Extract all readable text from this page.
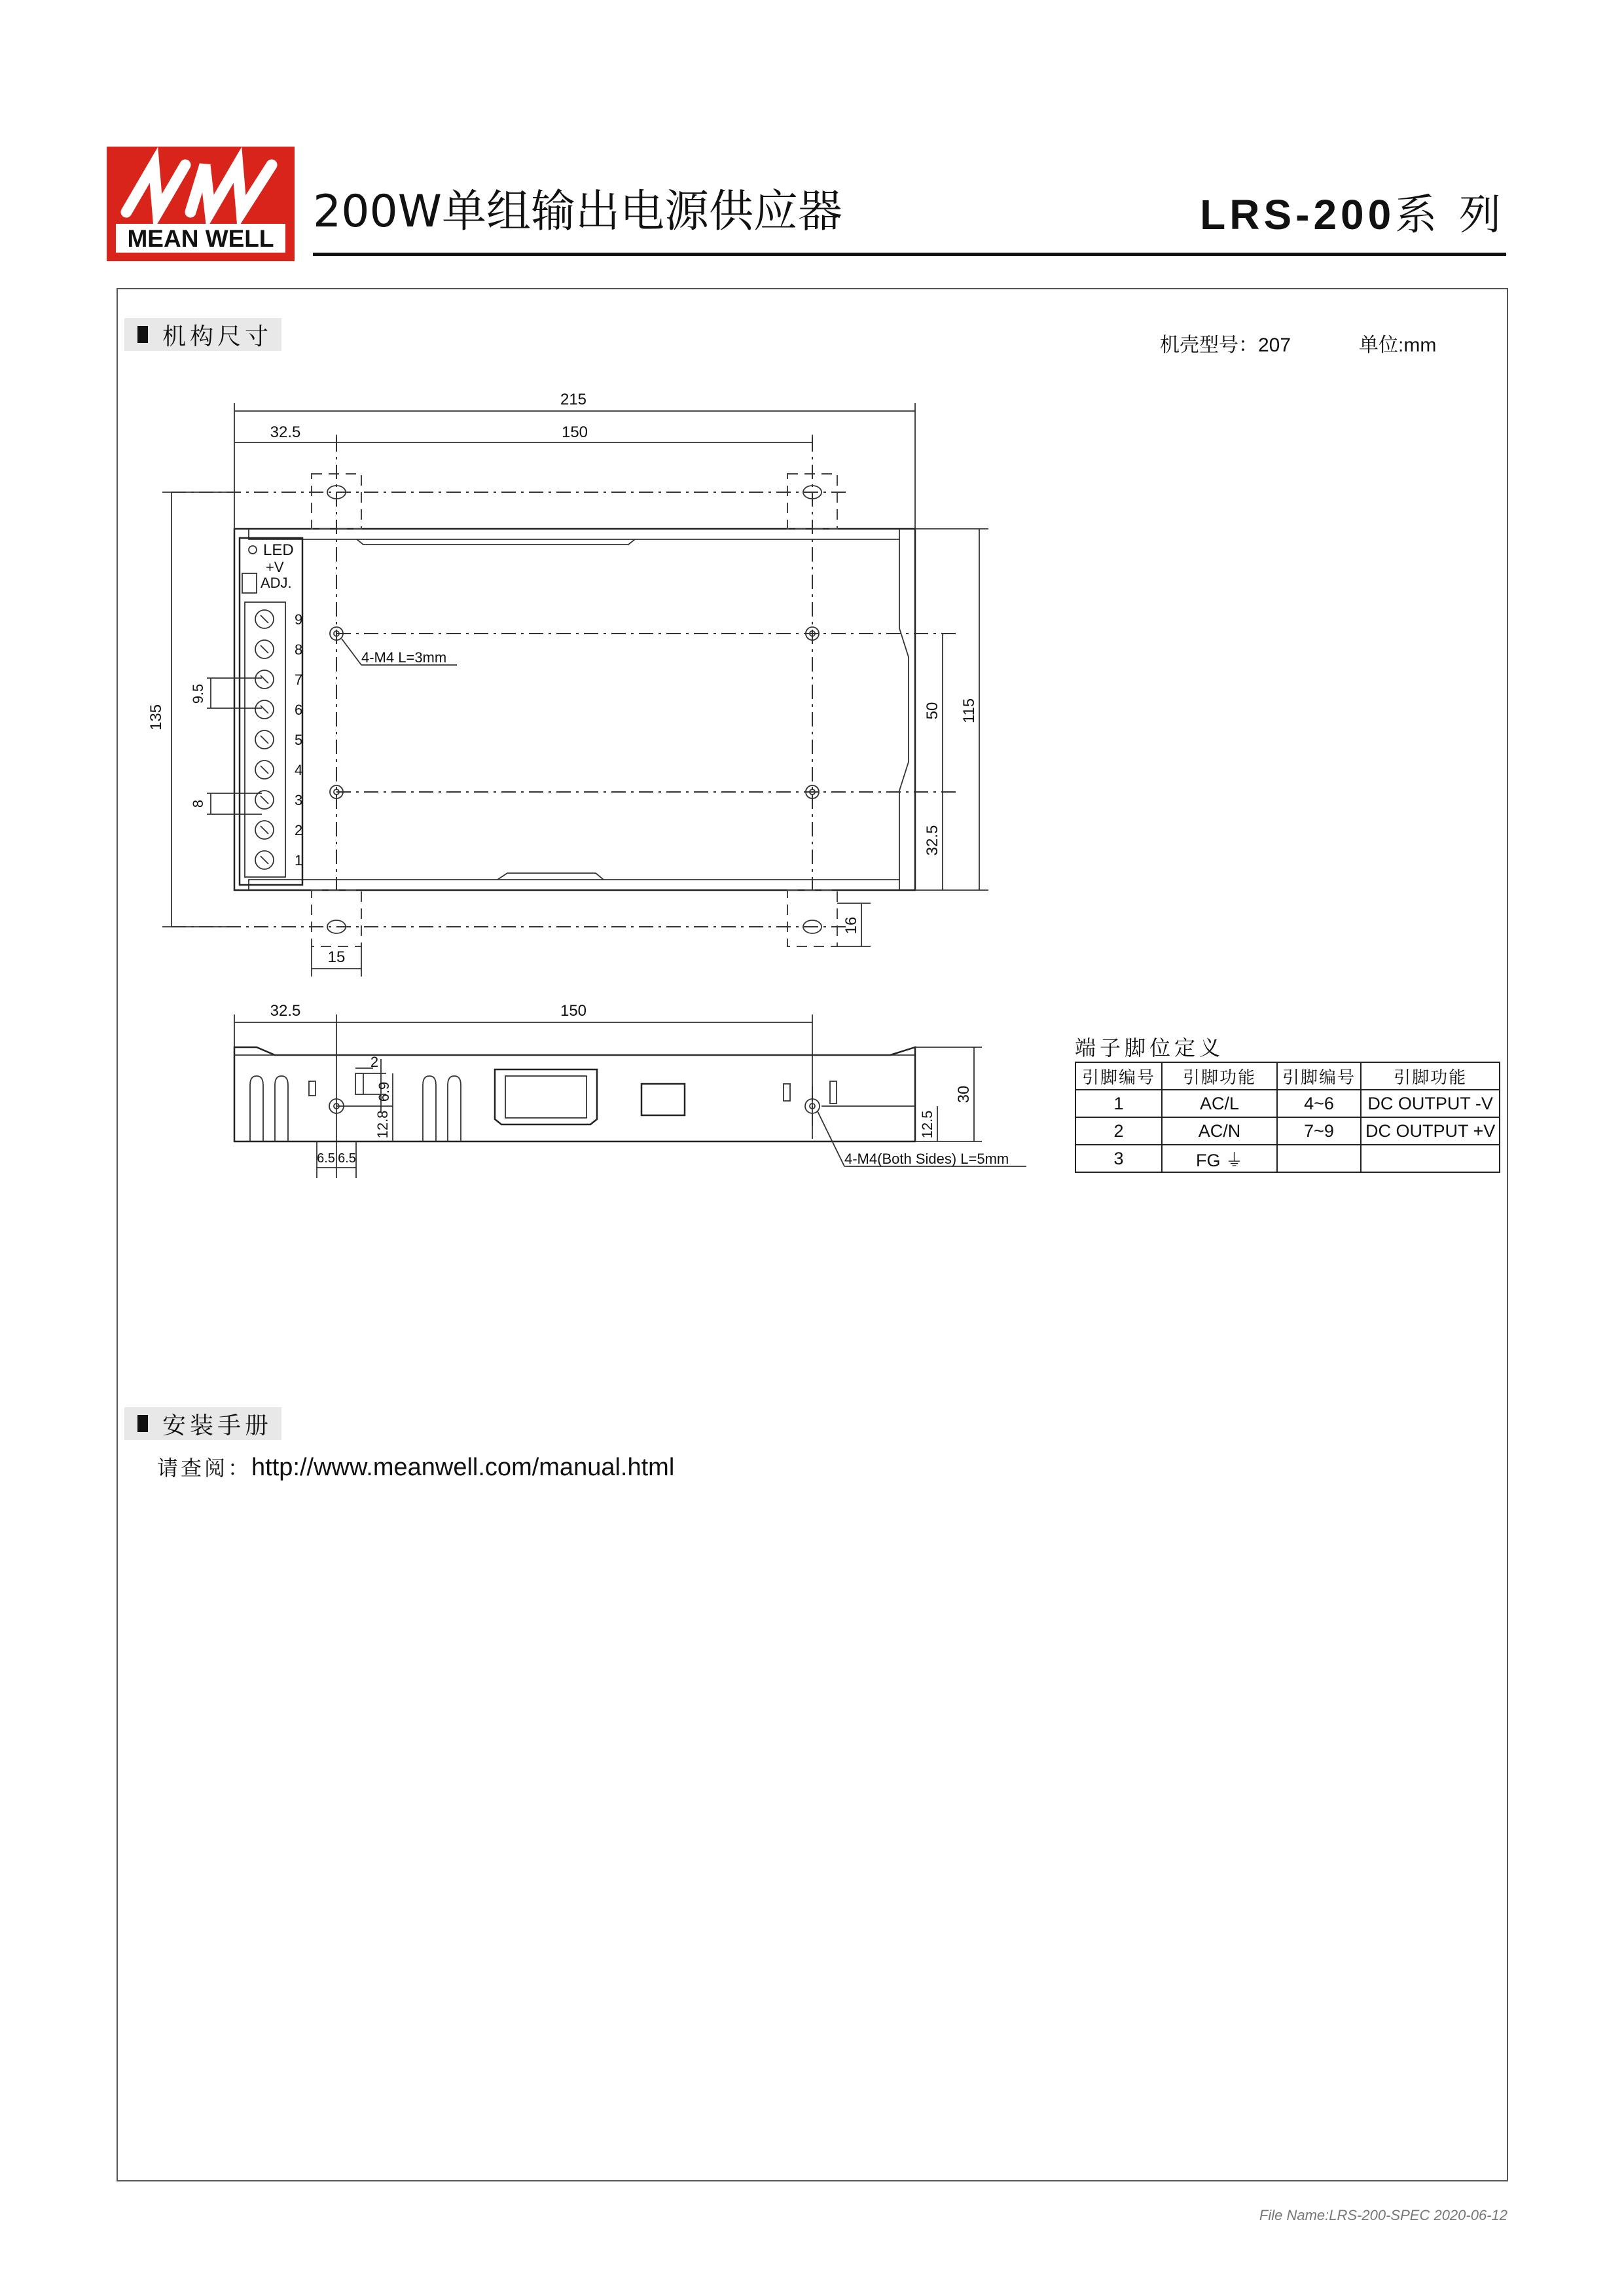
MEAN WELL
200W单组输出电源供应器	LRS-200系 列
机构尺寸	机壳型号：207	单位:mm
215
32.5	150
135
9.5
8
50 115
32.5
16
15
LED
+V
ADJ.
9
8
7
6
5
4
3
2
1
4-M4 L=3mm
32.5	150
2
6.9
12.8
6.5 6.5
30
12.5
4-M4(Both Sides) L=5mm
端子脚位定义
引脚编号	引脚功能	引脚编号	引脚功能
1	AC/L	4~6	DC OUTPUT -V
2	AC/N	7~9	DC OUTPUT +V
3	FG ⏚		
安装手册
请查阅：http://www.meanwell.com/manual.html
File Name:LRS-200-SPEC 2020-06-12
